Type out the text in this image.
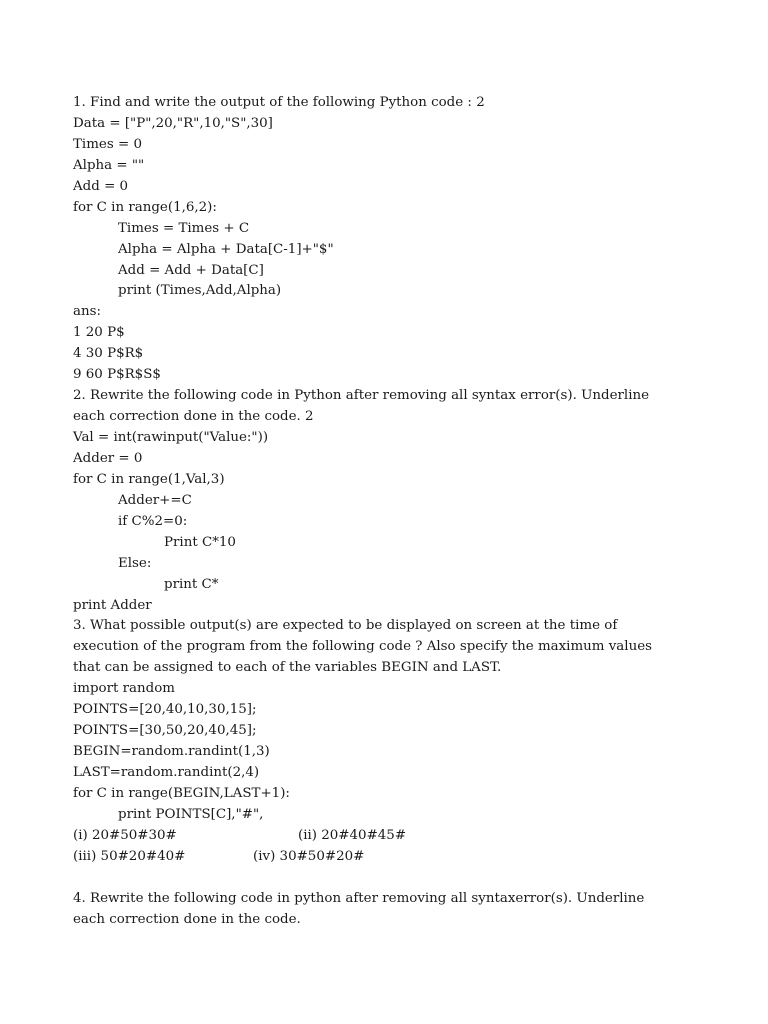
1. Find and write the output of the following Python code : 2
Data = ["P",20,"R",10,"S",30]
Times = 0
Alpha = ""
Add = 0
for C in range(1,6,2):
Times = Times + C
Alpha = Alpha + Data[C-1]+"$"
Add = Add + Data[C]
print (Times,Add,Alpha)
ans:
1 20 P$
4 30 P$R$
9 60 P$R$S$
2. Rewrite the following code in Python after removing all syntax error(s). Underline
each correction done in the code. 2
Val = int(rawinput("Value:"))
Adder = 0
for C in range(1,Val,3)
Adder+=C
if C%2=0:
Print C*10
Else:
print C*
print Adder
3. What possible output(s) are expected to be displayed on screen at the time of
execution of the program from the following code ? Also specify the maximum values
that can be assigned to each of the variables BEGIN and LAST.
import random
POINTS=[20,40,10,30,15];
POINTS=[30,50,20,40,45];
BEGIN=random.randint(1,3)
LAST=random.randint(2,4)
for C in range(BEGIN,LAST+1):
print POINTS[C],"#",
(i) 20#50#30#	(ii) 20#40#45#
(iii) 50#20#40#	(iv) 30#50#20#
4. Rewrite the following code in python after removing all syntaxerror(s). Underline
each correction done in the code.
